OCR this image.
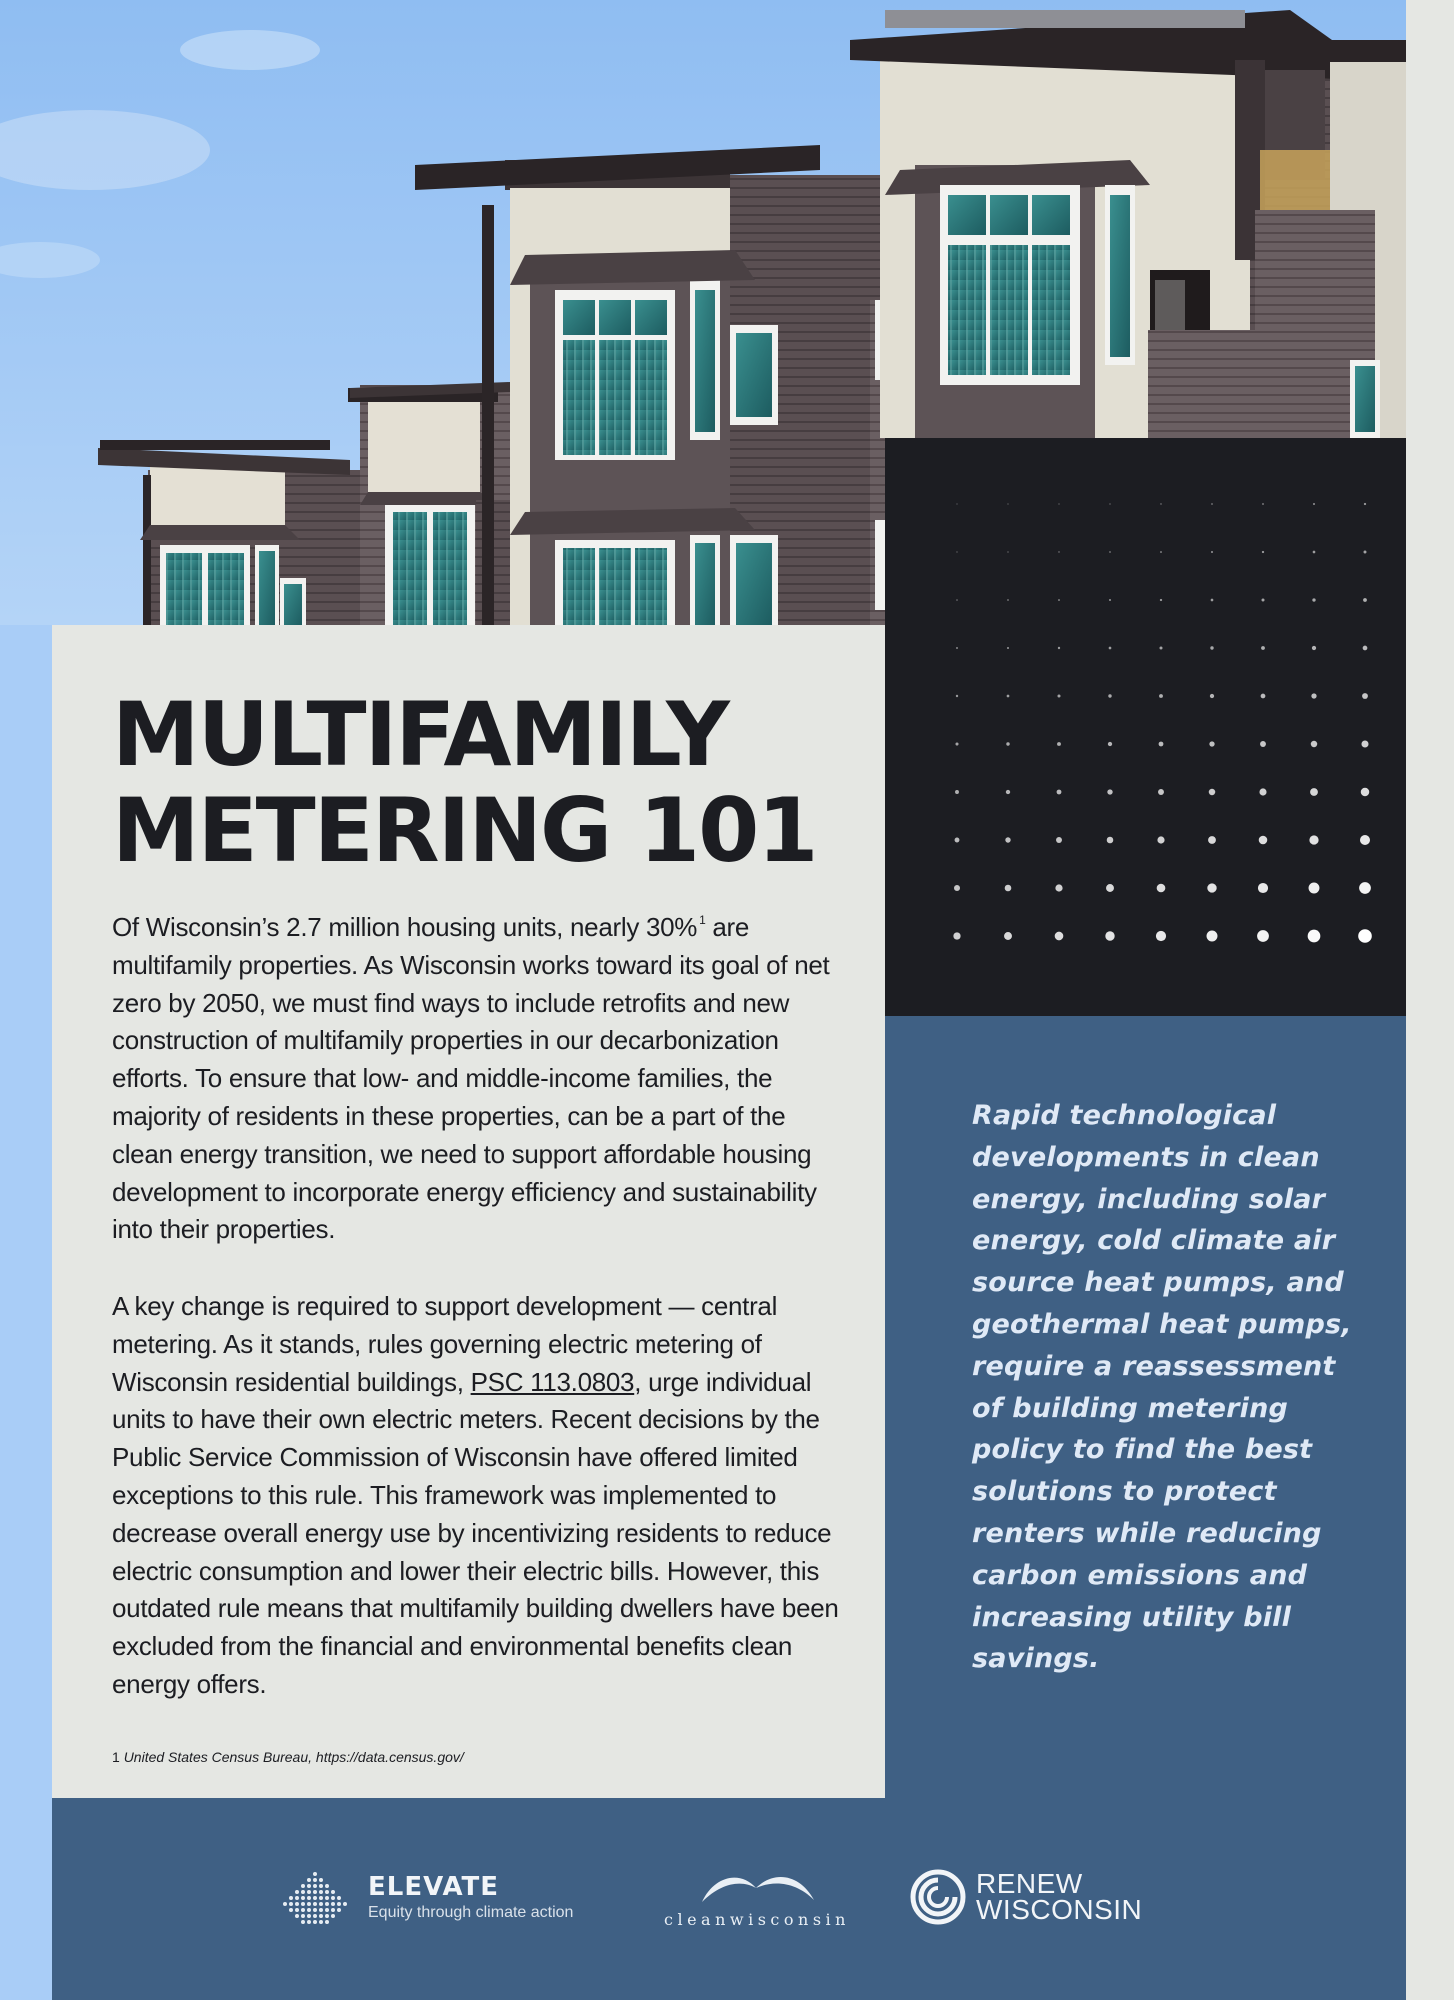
MULTIFAMILY
METERING 101

Of Wisconsin’s 2.7 million housing units, nearly 30% $^1$ are multifamily properties. As Wisconsin works toward its goal of net zero by 2050, we must find ways to include retrofits and new construction of multifamily properties in our decarbonization efforts. To ensure that low- and middle-income families, the majority of residents in these properties, can be a part of the clean energy transition, we need to support affordable housing development to incorporate energy efficiency and sustainability into their properties.

A key change is required to support development — central metering. As it stands, rules governing electric metering of Wisconsin residential buildings, PSC 113.0803, urge individual units to have their own electric meters. Recent decisions by the Public Service Commission of Wisconsin have offered limited exceptions to this rule. This framework was implemented to decrease overall energy use by incentivizing residents to reduce electric consumption and lower their electric bills. However, this outdated rule means that multifamily building dwellers have been excluded from the financial and environmental benefits clean energy offers.

1 United States Census Bureau, https://data.census.gov/

Rapid technological developments in clean energy, including solar energy, cold climate air source heat pumps, and geothermal heat pumps, require a reassessment of building metering policy to find the best solutions to protect renters while reducing carbon emissions and increasing utility bill savings.

ELEVATE
Equity through climate action	cleanwisconsin
RENEW
WISCONSIN
